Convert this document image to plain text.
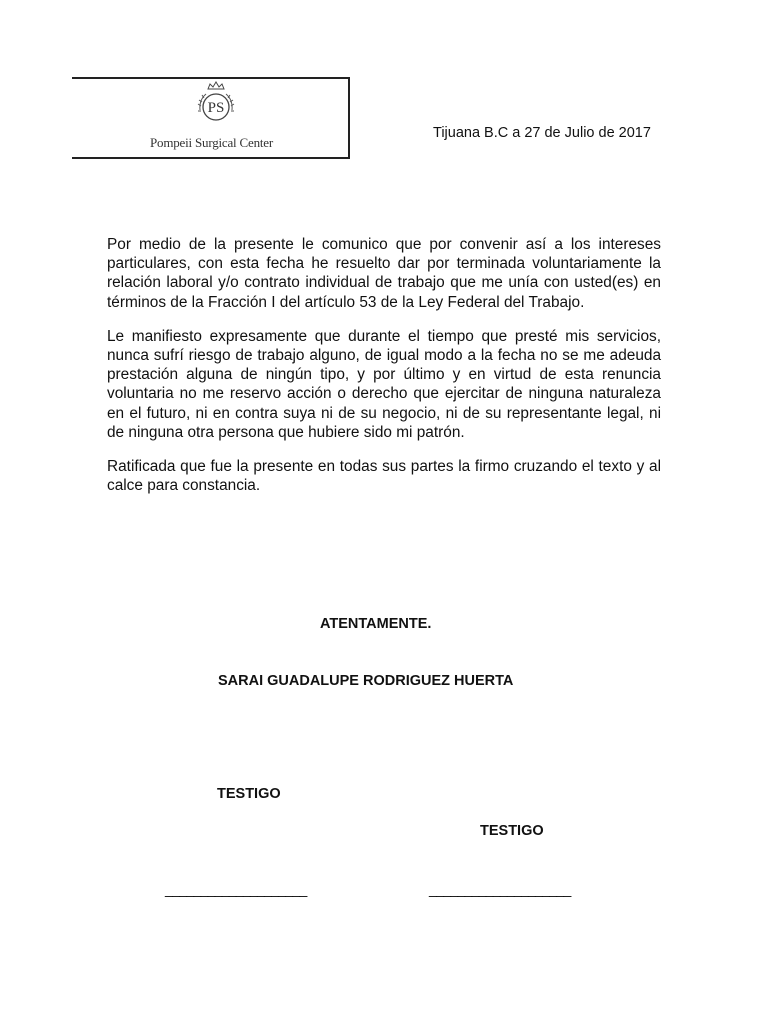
PS
Pompeii Surgical Center
Tijuana B.C a 27 de Julio de 2017

Por medio de la presente le comunico que por convenir así a los intereses particulares, con esta fecha he resuelto dar por terminada voluntariamente la relación laboral y/o contrato individual de trabajo que me unía con usted(es) en términos de la Fracción I del artículo 53 de la Ley Federal del Trabajo.

Le manifiesto expresamente que durante el tiempo que presté mis servicios, nunca sufrí riesgo de trabajo alguno, de igual modo a la fecha no se me adeuda prestación alguna de ningún tipo, y por último y en virtud de esta renuncia voluntaria no me reservo acción o derecho que ejercitar de ninguna naturaleza en el futuro, ni en contra suya ni de su negocio, ni de su representante legal, ni de ninguna otra persona que hubiere sido mi patrón.

Ratificada que fue la presente en todas sus partes la firmo cruzando el texto y al calce para constancia.

ATENTAMENTE.
SARAI GUADALUPE RODRIGUEZ HUERTA
TESTIGO
TESTIGO
____________________	____________________
